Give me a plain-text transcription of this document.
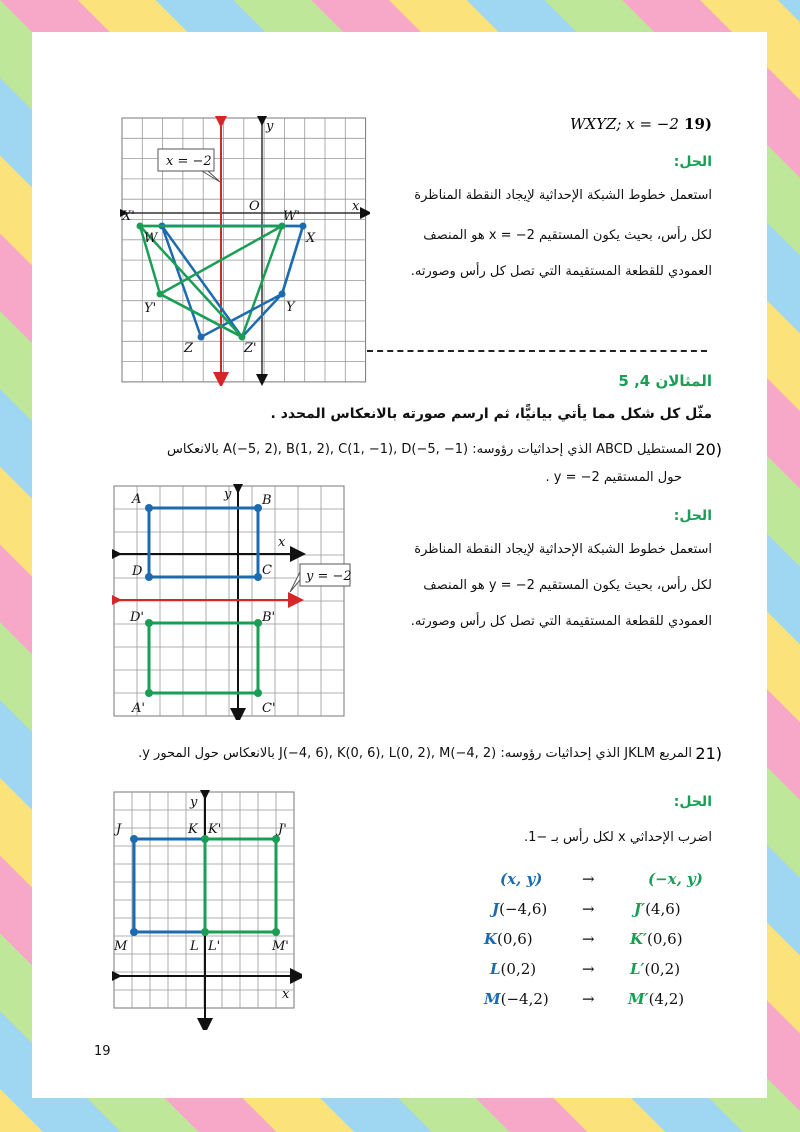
x = −2
x
y
O
W	X
Y
Z
W'
X'
Y'
Z'
WXYZ; x = −2 19)
الحل:
استعمل خطوط الشبكة الإحداثية لإيجاد النقطة المناظرة
لكل رأس، بحيث يكون المستقيم x = −2 هو المنصف
العمودي للقطعة المستقيمة التي تصل كل رأس وصورته.
المثالان 4, 5
مثّل كل شكل مما يأتي بيانيًّا، ثم ارسم صورته بالانعكاس المحدد .
20)
المستطيل ABCD الذي إحداثيات رؤوسه: A(−5, 2), B(1, 2), C(1, −1), D(−5, −1) بالانعكاس
حول المستقيم y = −2 .
y = −2
x
y
A	B
C
D
A'
B'
C'
D'
الحل:
استعمل خطوط الشبكة الإحداثية لإيجاد النقطة المناظرة
لكل رأس، بحيث يكون المستقيم y = −2 هو المنصف
العمودي للقطعة المستقيمة التي تصل كل رأس وصورته.
21)
المربع JKLM الذي إحداثيات رؤوسه: J(−4, 6), K(0, 6), L(0, 2), M(−4, 2) بالانعكاس حول المحور y.
x
y
J	K K'	J'
M	L L'	M'
الحل:
اضرب الإحداثي x لكل رأس بـ −1.
(x, y)	→	(−x, y)
J(−4,6) →	J′(4,6)
K(0,6)	→ K′(0,6)
L(0,2)	→ L′(0,2)
M(−4,2) → M′(4,2)
19
